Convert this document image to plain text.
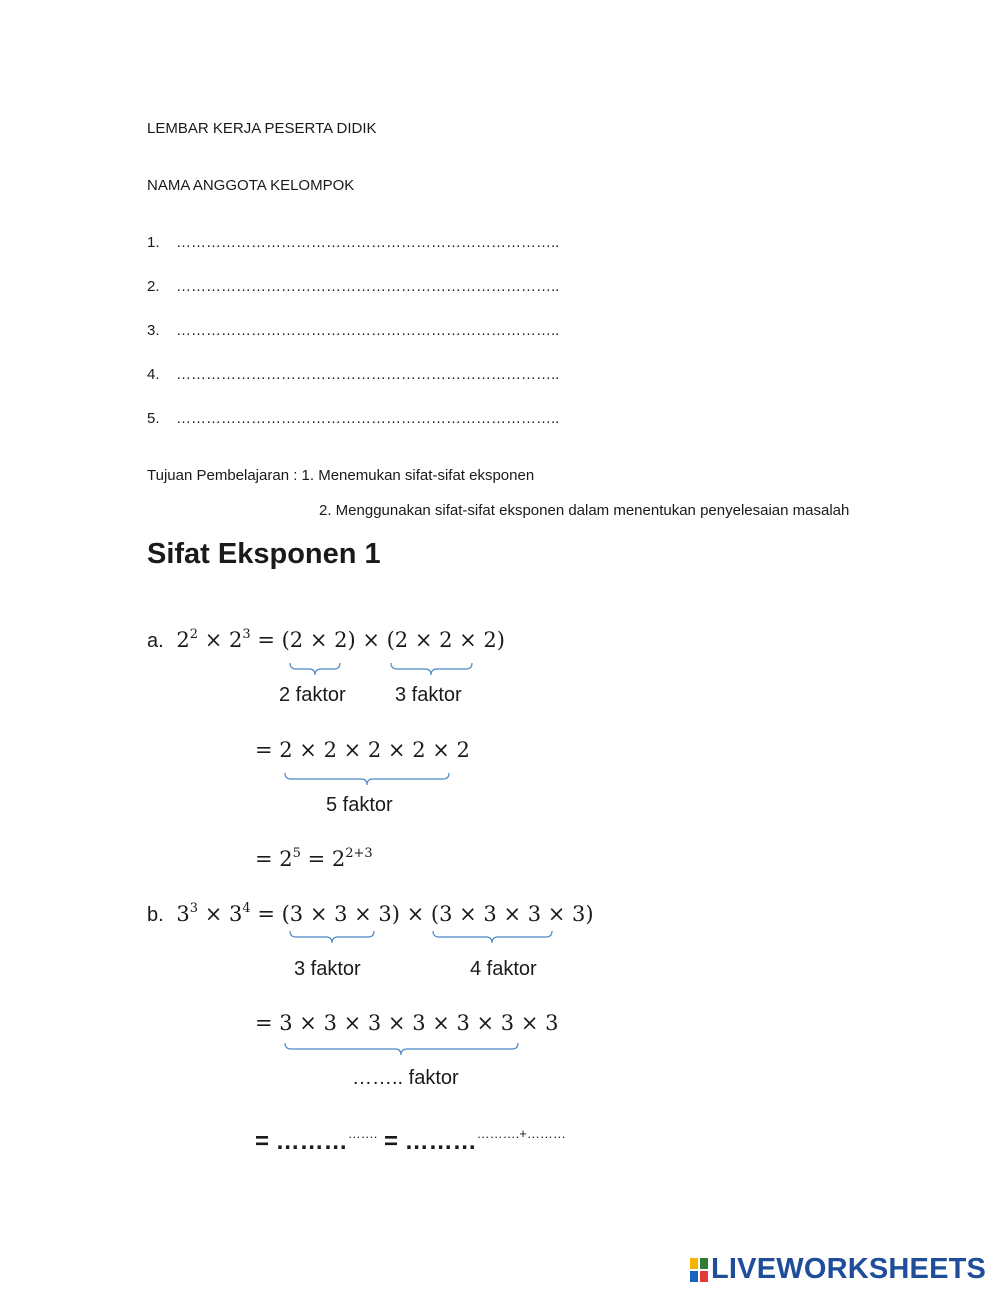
LEMBAR KERJA PESERTA DIDIK
NAMA ANGGOTA KELOMPOK
1. …………………………………………………………………..
2. …………………………………………………………………..
3. …………………………………………………………………..
4. …………………………………………………………………..
5. …………………………………………………………………..
Tujuan Pembelajaran : 1. Menemukan sifat-sifat eksponen
2. Menggunakan sifat-sifat eksponen dalam menentukan penyelesaian masalah
Sifat Eksponen 1
a. $2^2 \times 2^3 = (2 \times 2) \times (2 \times 2 \times 2)$
2 faktor 3 faktor
= 2 × 2 × 2 × 2 × 2
5 faktor
= $2^5 = 2^{2+3}$
b. $3^3 \times 3^4 = (3 \times 3 \times 3) \times (3 \times 3 \times 3 \times 3)$
3 faktor	4 faktor
= 3 × 3 × 3 × 3 × 3 × 3 × 3
…….. faktor
= ……………. = ……………….+………
LIVEWORKSHEETS
